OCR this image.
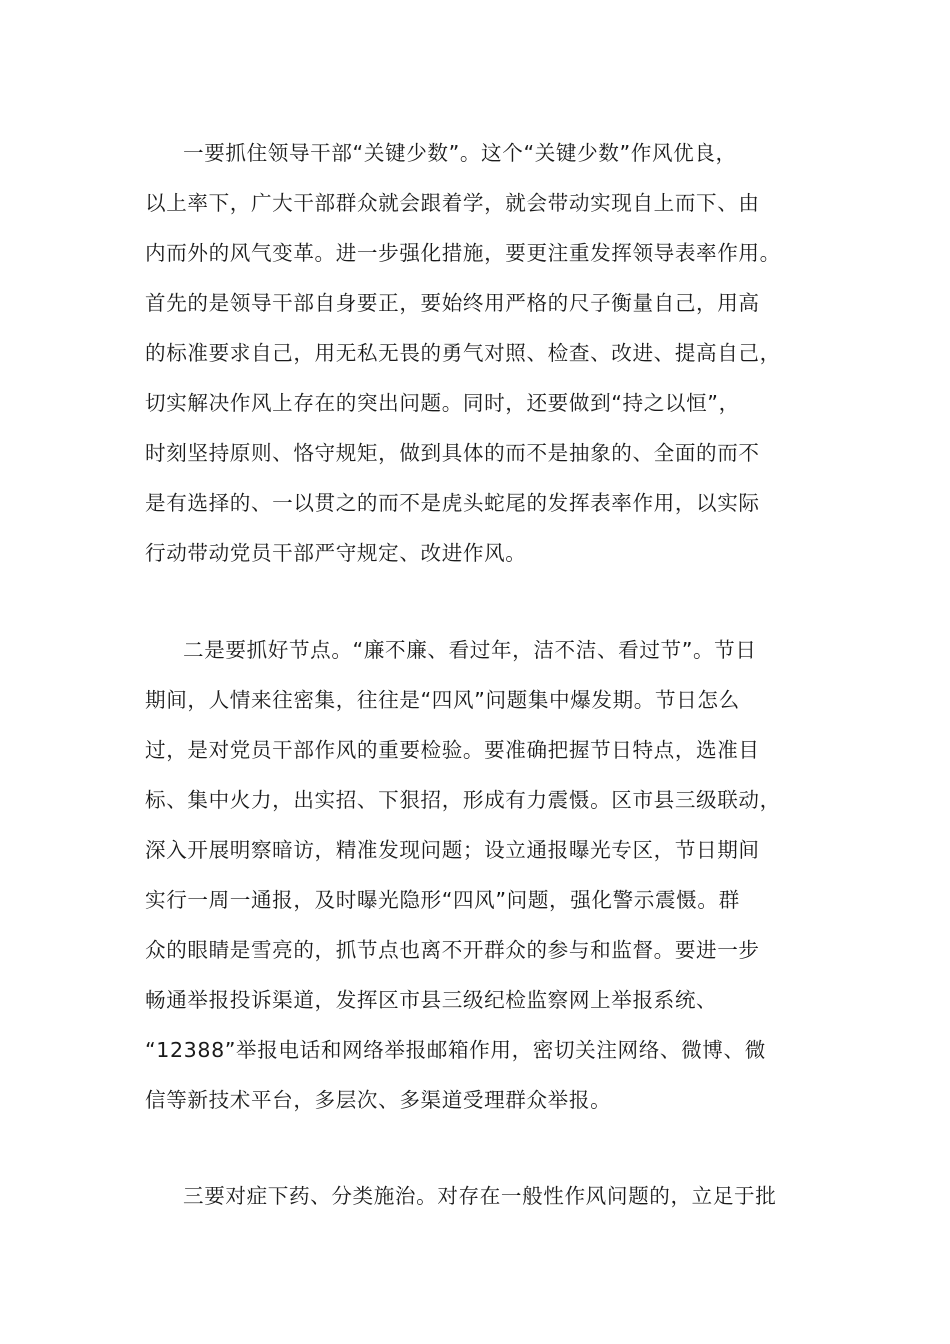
一要抓住领导干部“关键少数”。这个“关键少数”作风优良，
以上率下，广大干部群众就会跟着学，就会带动实现自上而下、由
内而外的风气变革。进一步强化措施，要更注重发挥领导表率作用。
首先的是领导干部自身要正，要始终用严格的尺子衡量自己，用高
的标准要求自己，用无私无畏的勇气对照、检查、改进、提高自己，
切实解决作风上存在的突出问题。同时，还要做到“持之以恒”，
时刻坚持原则、恪守规矩，做到具体的而不是抽象的、全面的而不
是有选择的、一以贯之的而不是虎头蛇尾的发挥表率作用，以实际
行动带动党员干部严守规定、改进作风。
二是要抓好节点。“廉不廉、看过年，洁不洁、看过节”。节日
期间，人情来往密集，往往是“四风”问题集中爆发期。节日怎么
过，是对党员干部作风的重要检验。要准确把握节日特点，选准目
标、集中火力，出实招、下狠招，形成有力震慑。区市县三级联动，
深入开展明察暗访，精准发现问题；设立通报曝光专区，节日期间
实行一周一通报，及时曝光隐形“四风”问题，强化警示震慑。群
众的眼睛是雪亮的，抓节点也离不开群众的参与和监督。要进一步
畅通举报投诉渠道，发挥区市县三级纪检监察网上举报系统、
“12388”举报电话和网络举报邮箱作用，密切关注网络、微博、微
信等新技术平台，多层次、多渠道受理群众举报。
三要对症下药、分类施治。对存在一般性作风问题的，立足于批
